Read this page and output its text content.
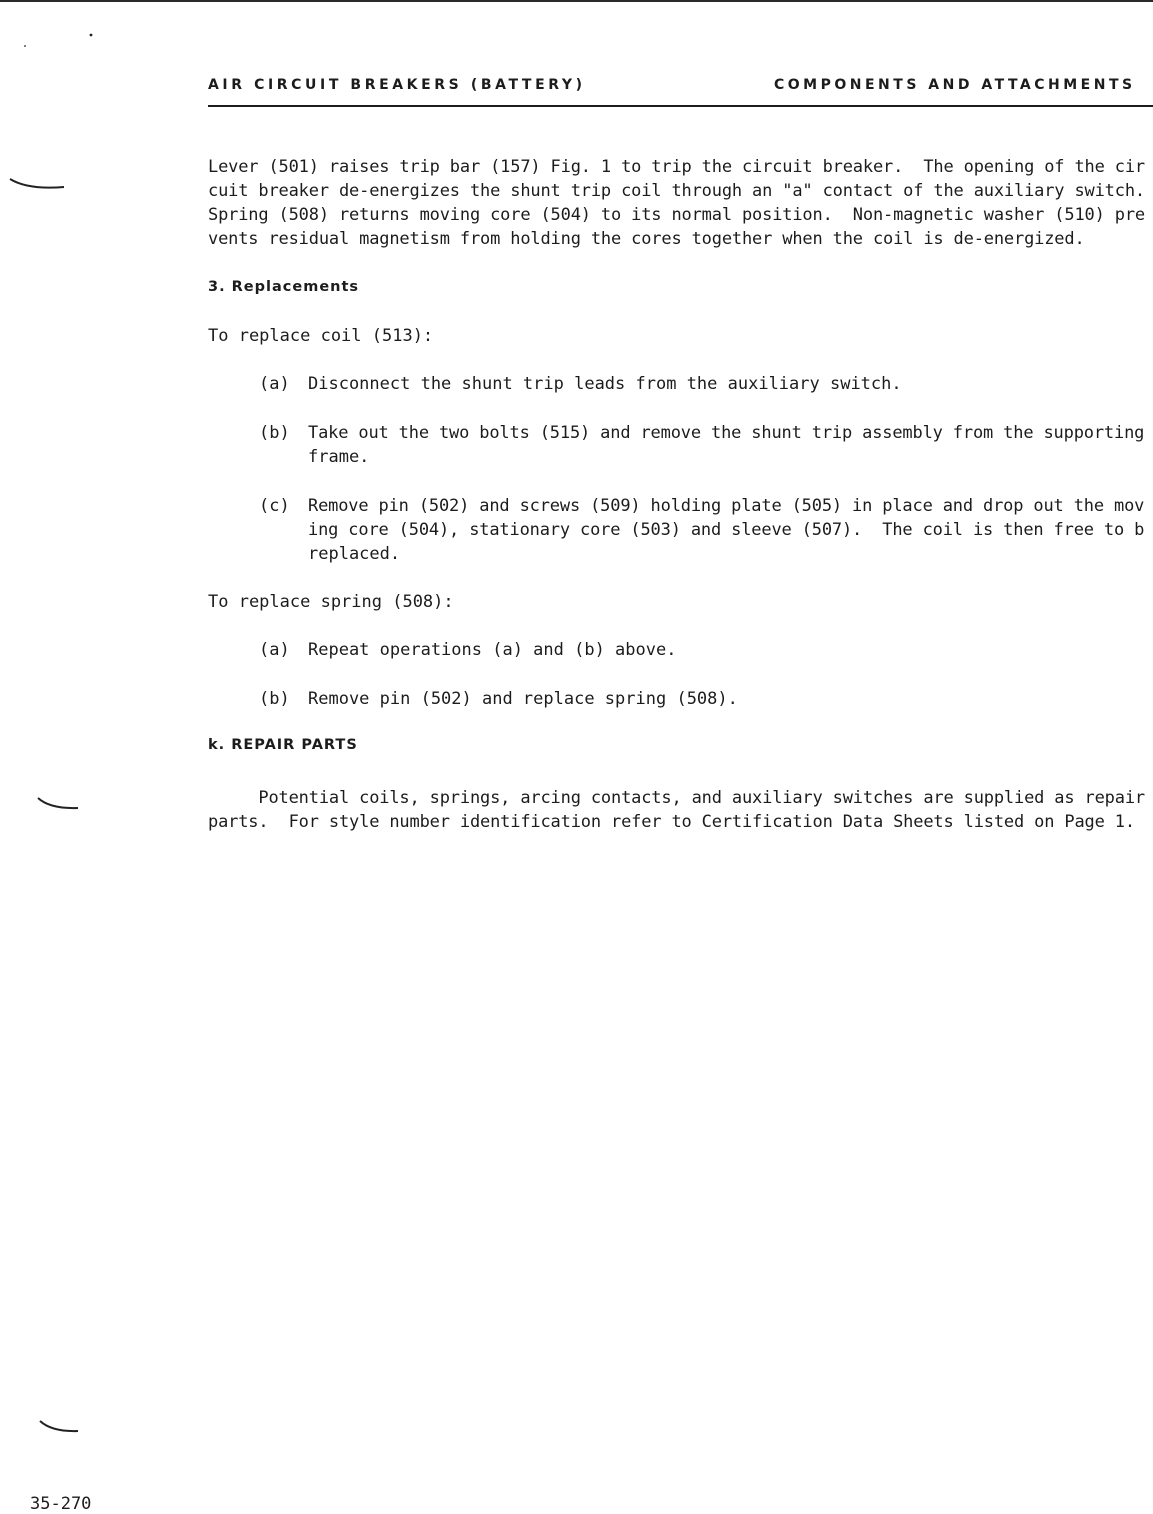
AIR CIRCUIT BREAKERS (BATTERY)	COMPONENTS AND ATTACHMENTS
Lever (501) raises trip bar (157) Fig. 1 to trip the circuit breaker.  The opening of the cir
cuit breaker de-energizes the shunt trip coil through an "a" contact of the auxiliary switch.
Spring (508) returns moving core (504) to its normal position.  Non-magnetic washer (510) pre
vents residual magnetism from holding the cores together when the coil is de-energized.
3. Replacements
To replace coil (513):
(a) Disconnect the shunt trip leads from the auxiliary switch.
(b) Take out the two bolts (515) and remove the shunt trip assembly from the supporting
frame.
(c) Remove pin (502) and screws (509) holding plate (505) in place and drop out the mov
ing core (504), stationary core (503) and sleeve (507).  The coil is then free to b
replaced.
To replace spring (508):
(a) Repeat operations (a) and (b) above.
(b) Remove pin (502) and replace spring (508).
k. REPAIR PARTS
Potential coils, springs, arcing contacts, and auxiliary switches are supplied as repair
parts.  For style number identification refer to Certification Data Sheets listed on Page 1.
35-270
